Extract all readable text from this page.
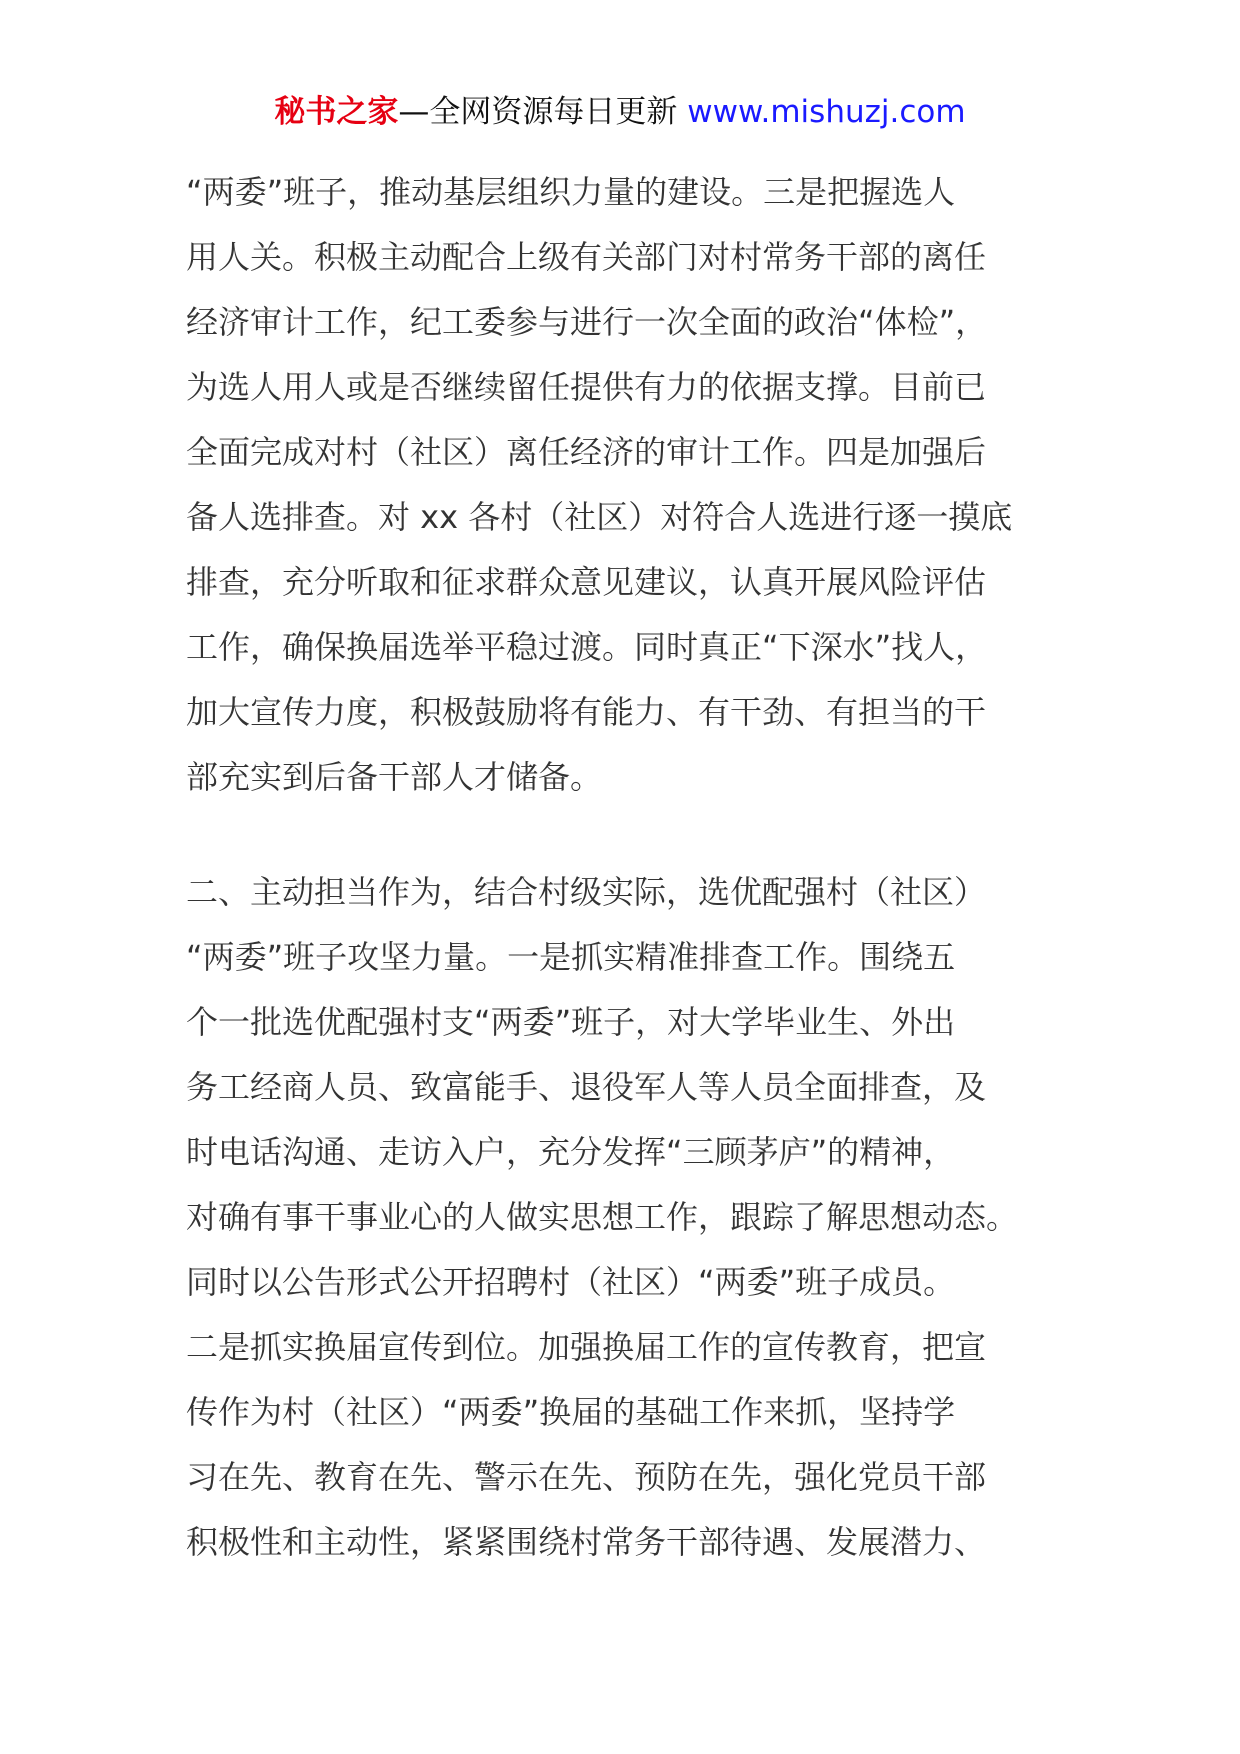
秘书之家—全网资源每日更新 www.mishuzj.com
“两委”班子，推动基层组织力量的建设。三是把握选人
用人关。积极主动配合上级有关部门对村常务干部的离任
经济审计工作，纪工委参与进行一次全面的政治“体检”，
为选人用人或是否继续留任提供有力的依据支撑。目前已
全面完成对村（社区）离任经济的审计工作。四是加强后
备人选排查。对 xx 各村（社区）对符合人选进行逐一摸底
排查，充分听取和征求群众意见建议，认真开展风险评估
工作，确保换届选举平稳过渡。同时真正“下深水”找人，
加大宣传力度，积极鼓励将有能力、有干劲、有担当的干
部充实到后备干部人才储备。
二、主动担当作为，结合村级实际，选优配强村（社区）
“两委”班子攻坚力量。一是抓实精准排查工作。围绕五
个一批选优配强村支“两委”班子，对大学毕业生、外出
务工经商人员、致富能手、退役军人等人员全面排查，及
时电话沟通、走访入户，充分发挥“三顾茅庐”的精神，
对确有事干事业心的人做实思想工作，跟踪了解思想动态。
同时以公告形式公开招聘村（社区）“两委”班子成员。
二是抓实换届宣传到位。加强换届工作的宣传教育，把宣
传作为村（社区）“两委”换届的基础工作来抓，坚持学
习在先、教育在先、警示在先、预防在先，强化党员干部
积极性和主动性，紧紧围绕村常务干部待遇、发展潜力、
